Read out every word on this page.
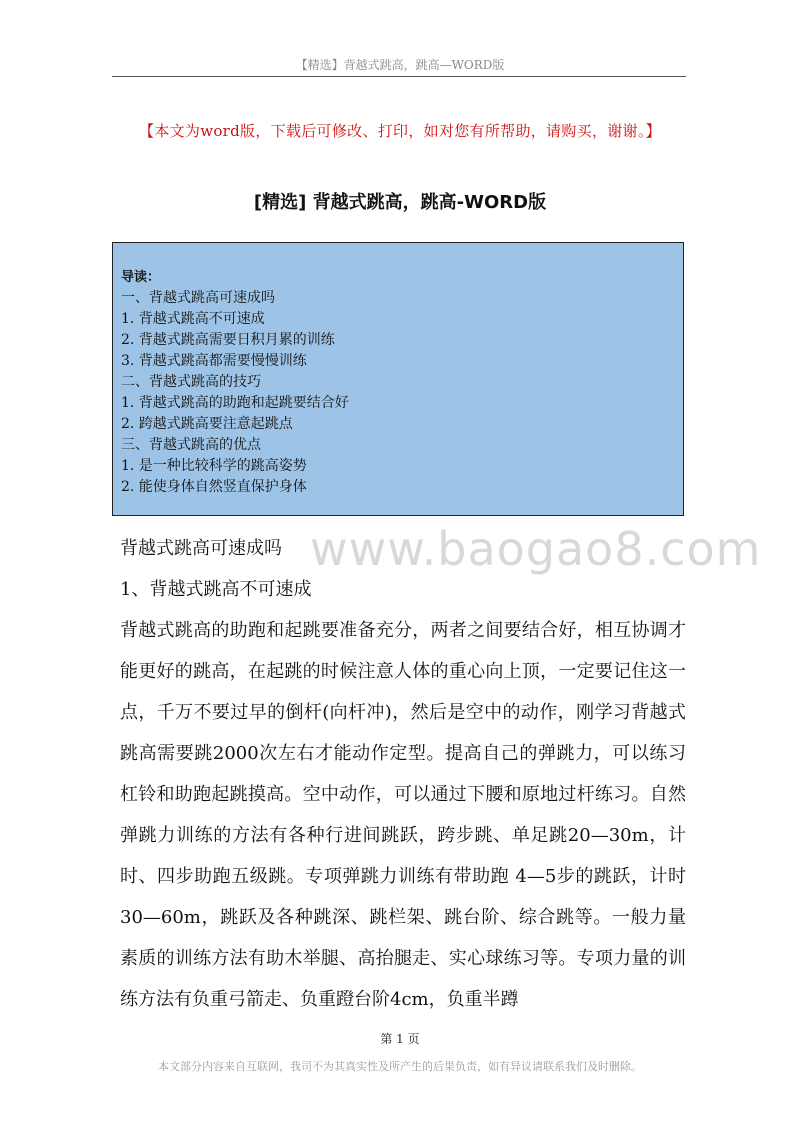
【精选】背越式跳高，跳高—WORD版
【本文为word版，下载后可修改、打印，如对您有所帮助，请购买，谢谢。】
[精选] 背越式跳高，跳高-WORD版
导读：
一、背越式跳高可速成吗
1. 背越式跳高不可速成
2. 背越式跳高需要日积月累的训练
3. 背越式跳高都需要慢慢训练
二、背越式跳高的技巧
1. 背越式跳高的助跑和起跳要结合好
2. 跨越式跳高要注意起跳点
三、背越式跳高的优点
1. 是一种比较科学的跳高姿势
2. 能使身体自然竖直保护身体
www.baogao8.com

背越式跳高可速成吗

1、背越式跳高不可速成

背越式跳高的助跑和起跳要准备充分，两者之间要结合好，相互协调才能更好的跳高，在起跳的时候注意人体的重心向上顶，一定要记住这一点，千万不要过早的倒杆(向杆冲)，然后是空中的动作，刚学习背越式跳高需要跳2000次左右才能动作定型。提高自己的弹跳力，可以练习杠铃和助跑起跳摸高。空中动作，可以通过下腰和原地过杆练习。自然弹跳力训练的方法有各种行进间跳跃，跨步跳、单足跳20—30m，计时、四步助跑五级跳。专项弹跳力训练有带助跑 4—5步的跳跃，计时30—60m，跳跃及各种跳深、跳栏架、跳台阶、综合跳等。一般力量素质的训练方法有助木举腿、高抬腿走、实心球练习等。专项力量的训练方法有负重弓箭走、负重蹬台阶4cm，负重半蹲

第 1 页
本文部分内容来自互联网，我司不为其真实性及所产生的后果负责，如有异议请联系我们及时删除。
